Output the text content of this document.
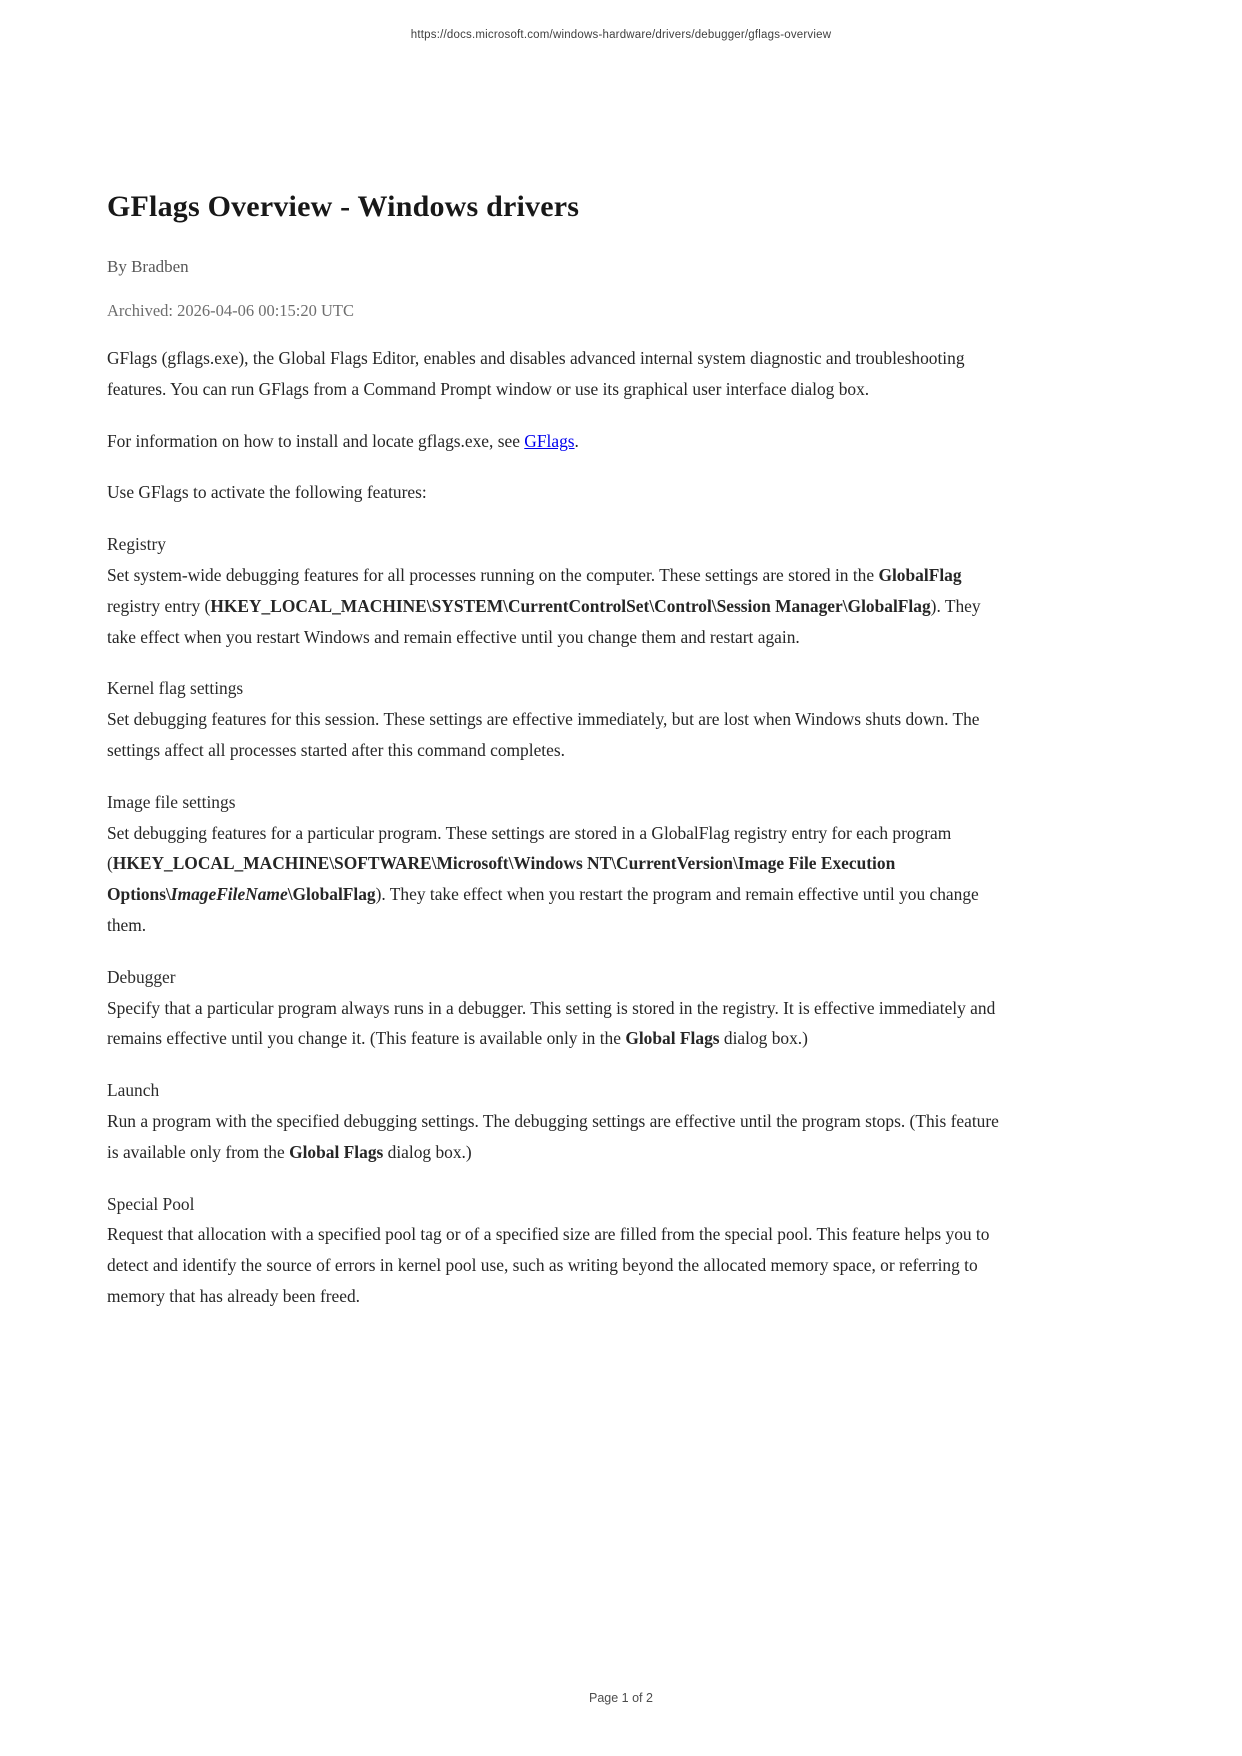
https://docs.microsoft.com/windows-hardware/drivers/debugger/gflags-overview
GFlags Overview - Windows drivers

By Bradben

Archived: 2026-04-06 00:15:20 UTC

GFlags (gflags.exe), the Global Flags Editor, enables and disables advanced internal system diagnostic and troubleshooting features. You can run GFlags from a Command Prompt window or use its graphical user interface dialog box.

For information on how to install and locate gflags.exe, see GFlags.

Use GFlags to activate the following features:

Registry
Set system-wide debugging features for all processes running on the computer. These settings are stored in the GlobalFlag registry entry (HKEY_LOCAL_MACHINE\SYSTEM\CurrentControlSet\Control\Session Manager\GlobalFlag). They take effect when you restart Windows and remain effective until you change them and restart again.
Kernel flag settings
Set debugging features for this session. These settings are effective immediately, but are lost when Windows shuts down. The settings affect all processes started after this command completes.
Image file settings
Set debugging features for a particular program. These settings are stored in a GlobalFlag registry entry for each program (HKEY_LOCAL_MACHINE\SOFTWARE\Microsoft\Windows NT\CurrentVersion\Image File Execution Options\ImageFileName\GlobalFlag). They take effect when you restart the program and remain effective until you change them.
Debugger
Specify that a particular program always runs in a debugger. This setting is stored in the registry. It is effective immediately and remains effective until you change it. (This feature is available only in the Global Flags dialog box.)
Launch
Run a program with the specified debugging settings. The debugging settings are effective until the program stops. (This feature is available only from the Global Flags dialog box.)
Special Pool
Request that allocation with a specified pool tag or of a specified size are filled from the special pool. This feature helps you to detect and identify the source of errors in kernel pool use, such as writing beyond the allocated memory space, or referring to memory that has already been freed.
Page 1 of 2
